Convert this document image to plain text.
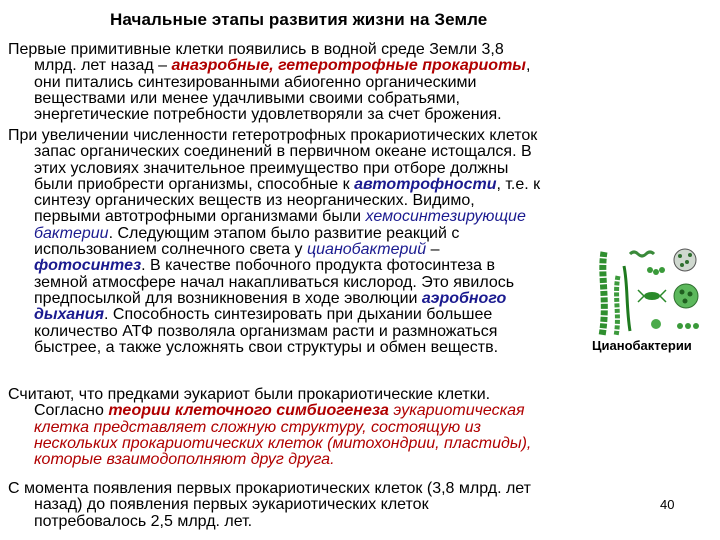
Начальные этапы развития жизни на Земле
Первые примитивные клетки появились в водной среде Земли 3,8
млрд. лет назад – анаэробные, гетеротрофные прокариоты,
они питались синтезированными абиогенно органическими
веществами или менее удачливыми своими собратьями,
энергетические потребности удовлетворяли за счет брожения.
При увеличении численности гетеротрофных прокариотических клеток
запас органических соединений в первичном океане истощался. В
этих условиях значительное преимущество при отборе должны
были приобрести организмы, способные к автотрофности, т.е. к
синтезу органических веществ из неорганических. Видимо,
первыми автотрофными организмами были хемосинтезирующие
бактерии. Следующим этапом было развитие реакций с
использованием солнечного света у цианобактерий –
фотосинтез. В качестве побочного продукта фотосинтеза в
земной атмосфере начал накапливаться кислород. Это явилось
предпосылкой для возникновения в ходе эволюции аэробного
дыхания. Способность синтезировать при дыхании большее
количество АТФ позволяла организмам расти и размножаться
быстрее, а также усложнять свои структуры и обмен веществ.
Считают, что предками эукариот были прокариотические клетки.
Согласно теории клеточного симбиогенеза эукариотическая
клетка представляет сложную структуру, состоящую из
нескольких прокариотических клеток (митохондрии, пластиды),
которые взаимодополняют друг друга.
С момента появления первых прокариотических клеток (3,8 млрд. лет
назад) до появления первых эукариотических клеток
потребовалось 2,5 млрд. лет.
Цианобактерии
40
